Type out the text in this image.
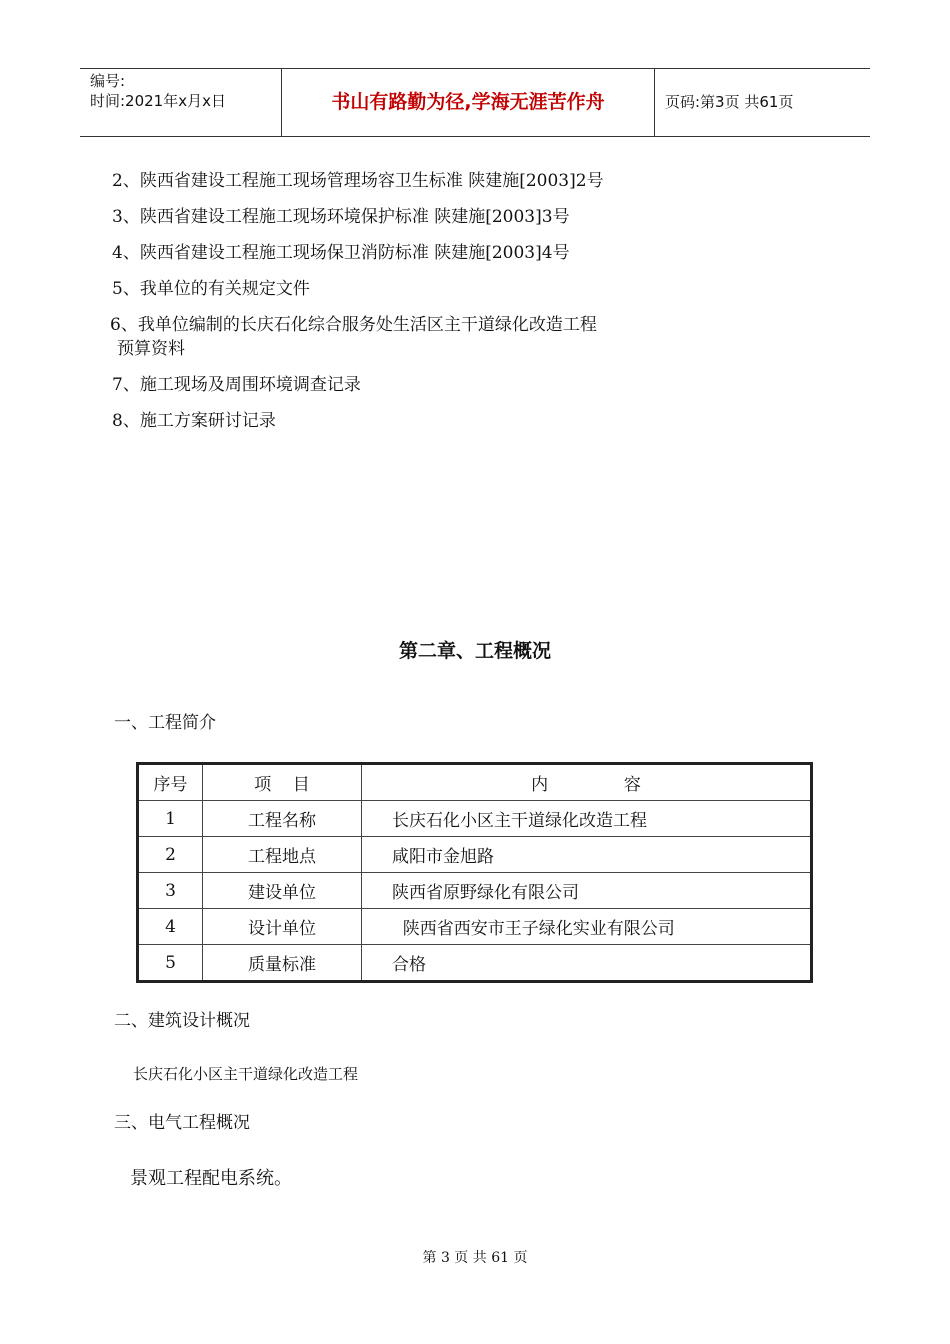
编号:
时间:2021年x月x日	书山有路勤为径,学海无涯苦作舟	页码:第3页 共61页
2、陕西省建设工程施工现场管理场容卫生标准 陕建施[2003]2号
3、陕西省建设工程施工现场环境保护标准 陕建施[2003]3号
4、陕西省建设工程施工现场保卫消防标准 陕建施[2003]4号
5、我单位的有关规定文件
6、我单位编制的长庆石化综合服务处生活区主干道绿化改造工程
预算资料
7、施工现场及周围环境调查记录
8、施工方案研讨记录
第二章、工程概况
一、工程简介
序号	项    目	内              容
1	工程名称	长庆石化小区主干道绿化改造工程
2	工程地点	咸阳市金旭路
3	建设单位	陕西省原野绿化有限公司
4	设计单位	陕西省西安市王子绿化实业有限公司
5	质量标准	合格
二、建筑设计概况
长庆石化小区主干道绿化改造工程
三、电气工程概况
景观工程配电系统。
第 3 页 共 61 页
